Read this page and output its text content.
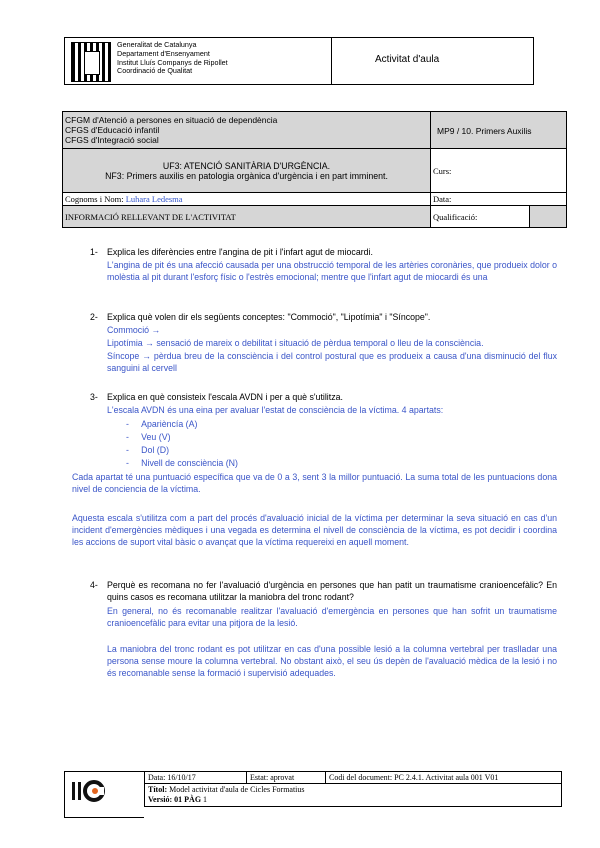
Generalitat de Catalunya
Departament d'Ensenyament
Institut Lluís Companys de Ripollet
Coordinació de Qualitat
Activitat d'aula
CFGM d'Atenció a persones en situació de dependència
CFGS d'Educació infantil
CFGS d'Integració social	MP9 / 10. Primers Auxilis	

UF3: ATENCIÓ SANITÀRIA D'URGÈNCIA.
NF3: Primers auxilis en patologia orgànica d'urgència i en part imminent.	Curs:	
Cognoms i Nom: Luhara Ledesma	Data:	
INFORMACIÓ RELLEVANT DE L'ACTIVITAT	Qualificació:	
1- Explica les diferències entre l'angina de pit i l'infart agut de miocardi.
L'angina de pit és una afecció causada per una obstrucció temporal de les artèries coronàries, que produeix dolor o molèstia al pit durant l'esforç físic o l'estrès emocional; mentre que l'infart agut de miocardi és una
2- Explica què volen dir els següents conceptes: "Commoció", "Lipotímia" i "Síncope".
Commoció →
Lipotímia → sensació de mareix o debilitat i situació de pèrdua temporal o lleu de la consciència.
Síncope → pèrdua breu de la consciència i del control postural que es produeix a causa d'una disminució del flux sanguini al cervell
3- Explica en què consisteix l'escala AVDN i per a què s'utilitza.
L'escala AVDN és una eina per avaluar l'estat de consciència de la víctima. 4 apartats:
-     Aparièncía (A)
-     Veu (V)
-     Dol (D)
-     Nivell de consciència (N)
Cada apartat té una puntuació específica que va de 0 a 3, sent 3 la millor puntuació. La suma total de les puntuacions dona nivel de conciencia de la víctima.
Aquesta escala s'utilitza com a part del procés d'avaluació inicial de la víctima per determinar la seva situació en cas d'un incident d'emergències mèdiques i una vegada es determina el nivell de consciència de la víctima, es pot decidir i coordina les accions de suport vital bàsic o avançat que la víctima requereixi en aquell moment.
4- Perquè es recomana no fer l'avaluació d'urgència en persones que han patit un traumatisme cranioencefàlic? En quins casos es recomana utilitzar la maniobra del tronc rodant?
En general, no és recomanable realitzar l'avaluació d'emergència en persones que han sofrit un traumatisme cranioencefàlic para evitar una pitjora de la lesió.
La maniobra del tronc rodant es pot utilitzar en cas d'una possible lesió a la columna vertebral per traslladar una persona sense moure la columna vertebral. No obstant això, el seu ús depèn de l'avaluació mèdica de la lesió i no és recomanable sense la formació i supervisió adequades.
Data: 16/10/17	Estat: aprovat	Codi del document: PC 2.4.1. Activitat aula 001 V01

Títol: Model activitat d'aula de Cicles Formatius
Versió: 01 PÀG 1
